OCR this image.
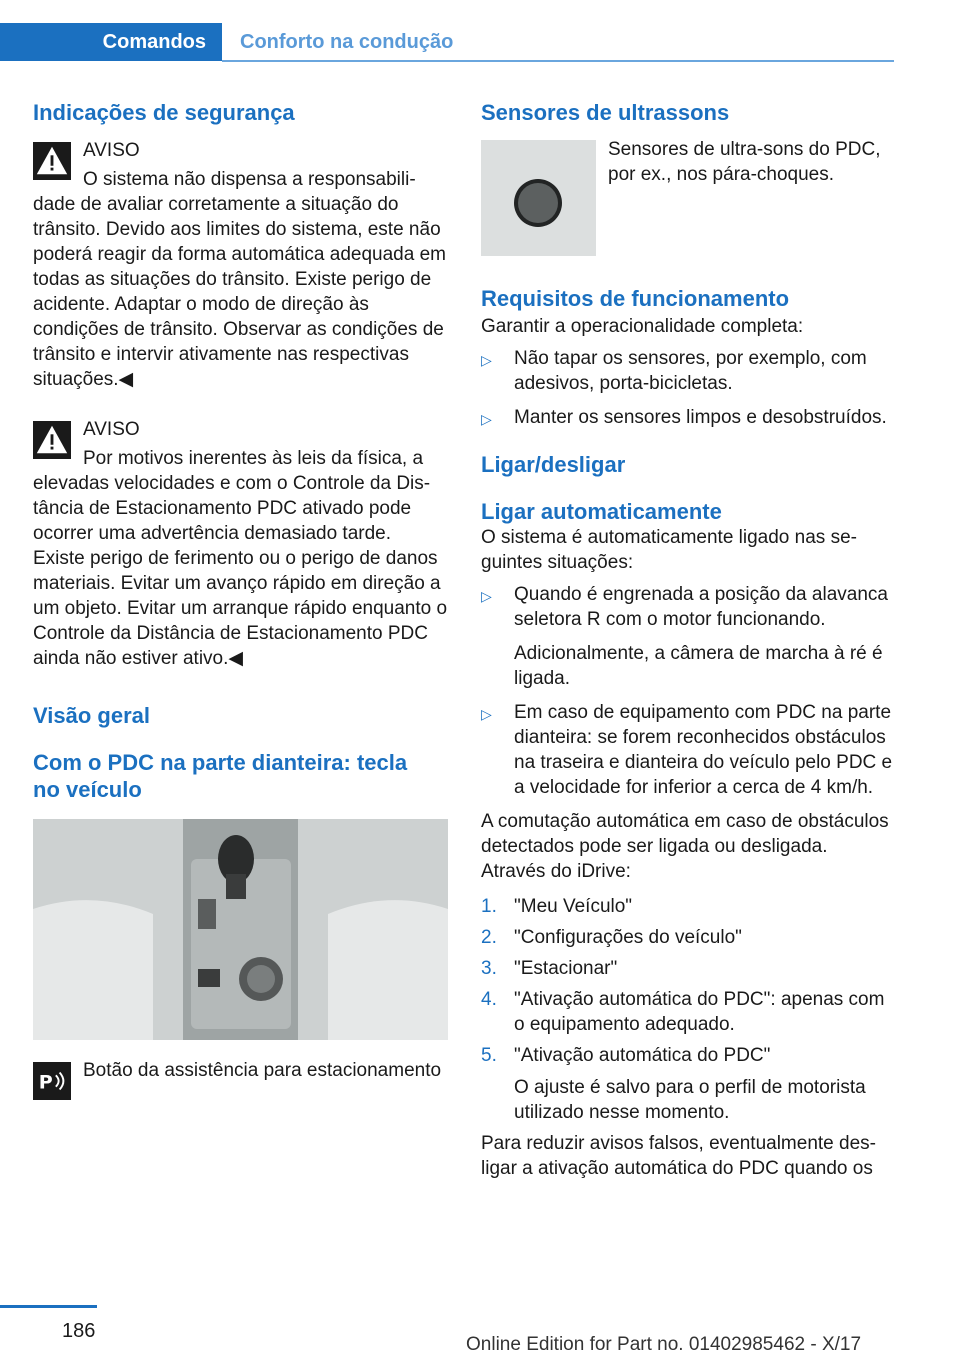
Comandos	Conforto na condução
Indicações de segurança
AVISO

O sistema não dispensa a responsabilidade de avaliar corretamente a situação do trânsito. Devido aos limites do sistema, este não poderá reagir da forma automática adequada em todas as situações do trânsito. Existe perigo de acidente. Adaptar o modo de direção às condições de trânsito. Observar as condições de trânsito e intervir ativamente nas respectivas situações.◀

AVISO

Por motivos inerentes às leis da física, a elevadas velocidades e com o Controle da Distância de Estacionamento PDC ativado pode ocorrer uma advertência demasiado tarde. Existe perigo de ferimento ou o perigo de danos materiais. Evitar um avanço rápido em direção a um objeto. Evitar um arranque rápido enquanto o Controle da Distância de Estacionamento PDC ainda não estiver ativo.◀

Visão geral
Com o PDC na parte dianteira: tecla no veículo
P

Botão da assistência para estacionamento

Sensores de ultrassons

Sensores de ultra-sons do PDC, por ex., nos pára-choques.

Requisitos de funcionamento

Garantir a operacionalidade completa:

▷	Não tapar os sensores, por exemplo, com adesivos, porta-bicicletas.
▷	Manter os sensores limpos e desobstruídos.
Ligar/desligar
Ligar automaticamente

O sistema é automaticamente ligado nas seguintes situações:

▷	Quando é engrenada a posição da alavanca seletora R com o motor funcionando.
Adicionalmente, a câmera de marcha à ré é ligada.
▷	Em caso de equipamento com PDC na parte dianteira: se forem reconhecidos obstáculos na traseira e dianteira do veículo pelo PDC e a velocidade for inferior a cerca de 4 km/h.

A comutação automática em caso de obstáculos detectados pode ser ligada ou desligada. Através do iDrive:

1. "Meu Veículo"
2. "Configurações do veículo"
3. "Estacionar"
4. "Ativação automática do PDC": apenas com o equipamento adequado.
5. "Ativação automática do PDC"
O ajuste é salvo para o perfil de motorista utilizado nesse momento.

Para reduzir avisos falsos, eventualmente desligar a ativação automática do PDC quando os

186
Online Edition for Part no. 01402985462 - X/17
